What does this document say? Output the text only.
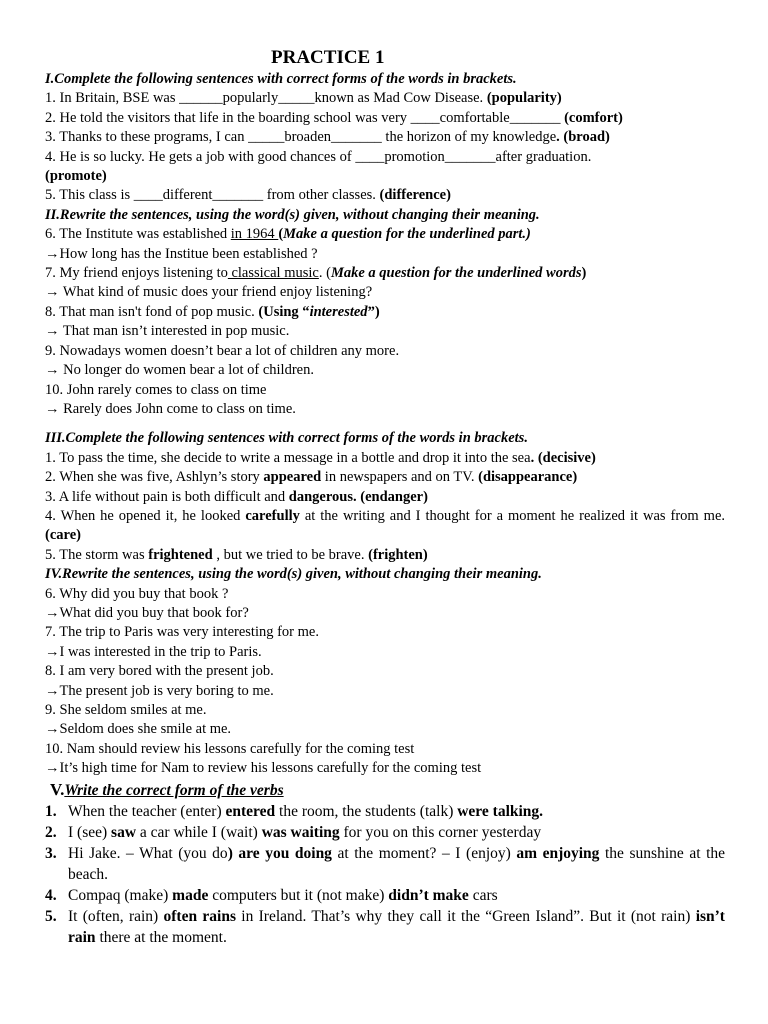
PRACTICE 1
I.Complete the following sentences with correct forms of the words in brackets.
1. In Britain, BSE was ______popularly_____known as Mad Cow Disease. (popularity)
2. He told the visitors that life in the boarding school was very ____comfortable_______ (comfort)
3. Thanks to these programs, I can _____broaden_______ the horizon of my knowledge. (broad)
4. He is so lucky. He gets a job with good chances of ____promotion_______after graduation.
(promote)
5. This class is ____different_______ from other classes. (difference)
II.Rewrite the sentences, using the word(s) given, without changing their meaning.
6. The Institute was established in 1964 (Make a question for the underlined part.)
→How long has the Institue been established ?
7. My friend enjoys listening to classical music. (Make a question for the underlined words)
→ What kind of music does your friend enjoy listening?
8. That man isn't fond of pop music. (Using “interested”)
→ That man isn’t interested in pop music.
9. Nowadays women doesn’t bear a lot of children any more.
→ No longer do women bear a lot of children.
10. John rarely comes to class on time
→ Rarely does John come to class on time.
III.Complete the following sentences with correct forms of the words in brackets.
1. To pass the time, she decide to write a message in a bottle and drop it into the sea. (decisive)
2. When she was five, Ashlyn’s story appeared in newspapers and on TV. (disappearance)
3. A life without pain is both difficult and dangerous. (endanger)
4. When he opened it, he looked carefully at the writing and I thought for a moment he realized it was from me. (care)
5. The storm was frightened , but we tried to be brave. (frighten)
IV.Rewrite the sentences, using the word(s) given, without changing their meaning.
6. Why did you buy that book ?
→What did you buy that book for?
7. The trip to Paris was very interesting for me.
→I was interested in the trip to Paris.
8. I am very bored with the present job.
→The present job is very boring to me.
9. She seldom smiles at me.
→Seldom does she smile at me.
10. Nam should review his lessons carefully for the coming test
→It’s high time for Nam to review his lessons carefully for the coming test
V.Write the correct form of the verbs
1. When the teacher (enter) entered the room, the students (talk) were talking.
2. I (see) saw a car while I (wait) was waiting for you on this corner yesterday
3. Hi Jake. – What (you do) are you doing at the moment? – I (enjoy) am enjoying the sunshine at the beach.
4. Compaq (make) made computers but it (not make) didn’t make cars
5. It (often, rain) often rains in Ireland. That’s why they call it the “Green Island”. But it (not rain) isn’t rain there at the moment.
